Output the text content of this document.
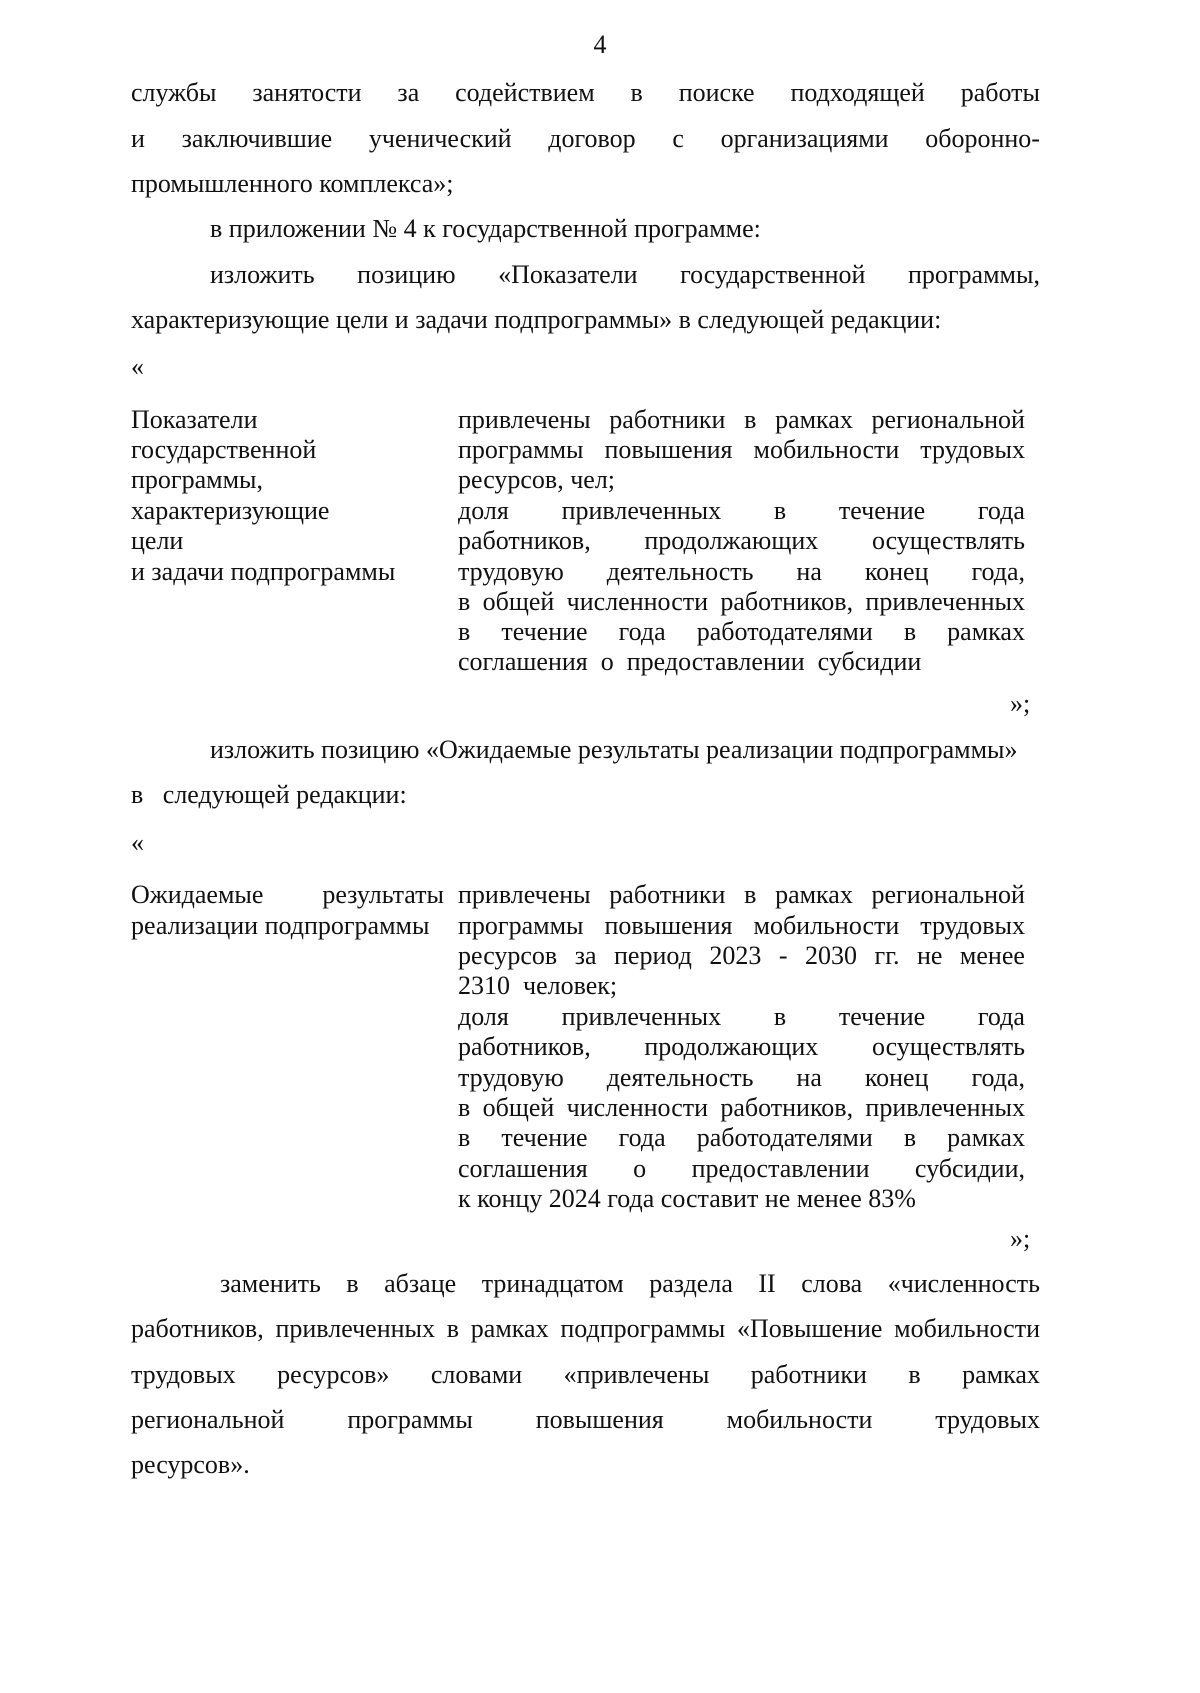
4
службы занятости за содействием в поиске подходящей работы
и заключившие ученический договор с организациями оборонно-
промышленного комплекса»;
в приложении № 4 к государственной программе:
изложить позицию «Показатели государственной программы,
характеризующие цели и задачи подпрограммы» в следующей редакции:
«
Показатели
государственной
программы,
характеризующие
цели
и задачи подпрограммы
привлечены работники в рамках региональной
программы повышения мобильности трудовых
ресурсов, чел;
доля привлеченных в течение года
работников, продолжающих осуществлять
трудовую деятельность на конец года,
в общей численности работников, привлеченных
в течение года работодателями в рамках
соглашения  о  предоставлении  субсидии
»;
изложить позицию «Ожидаемые результаты реализации подпрограммы»
в   следующей редакции:
«
Ожидаемые результаты
реализации подпрограммы
привлечены работники в рамках региональной
программы повышения мобильности трудовых
ресурсов за период 2023 - 2030 гг. не менее
2310  человек;
доля привлеченных в течение года
работников, продолжающих осуществлять
трудовую деятельность на конец года,
в общей численности работников, привлеченных
в течение года работодателями в рамках
соглашения о предоставлении субсидии,
к концу 2024 года составит не менее 83%
»;
заменить в абзаце тринадцатом раздела II слова «численность
работников, привлеченных в рамках подпрограммы «Повышение мобильности
трудовых ресурсов» словами «привлечены работники в рамках
региональной программы повышения мобильности трудовых
ресурсов».
